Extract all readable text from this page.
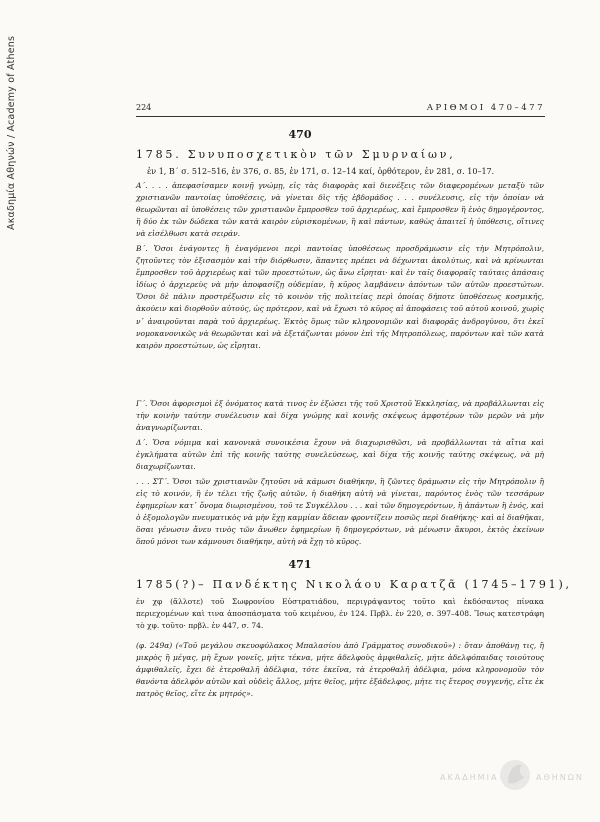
Ακαδημία Αθηνών / Academy of Athens	224	ΑΡΙΘΜΟΙ 470–477
470
1785. Συνυποσχετικὸν τῶν Σμυρναίων,
ἐν 1, Β΄ σ. 512–516, ἐν 376, σ. 85, ἐν 171, σ. 12–14 καί, ὀρθότερον, ἐν 281, σ. 10–17.
Α΄. . . . ἀπεφασίσαμεν κοινῇ γνώμῃ, εἰς τὰς διαφορὰς καὶ διενέξεις τῶν διαφερομένων μεταξὺ τῶν χριστιανῶν παντοίας ὑποθέσεις, νὰ γίνεται δὶς τῆς ἑβδομάδος . . . συνέλευσις, εἰς τὴν ὁποίαν νὰ θεωρῶνται αἱ ὑποθέσεις τῶν χριστιανῶν ἔμπροσθεν τοῦ ἀρχιερέως, καὶ ἔμπροσθεν ἢ ἑνὸς δημογέροντος, ἢ δύο ἐκ τῶν δώδεκα τῶν κατὰ καιρὸν εὑρισκομένων, ἢ καὶ πάντων, καθὼς ἀπαιτεῖ ἡ ὑπόθεσις, οἵτινες νὰ εἰσέλθωσι κατὰ σειράν.
Β΄. Ὅσοι ἐνάγοντες ἢ ἐναγόμενοι περὶ παντοίας ὑποθέσεως προσδράμωσιν εἰς τὴν Μητρόπολιν, ζητοῦντες τὸν ἐξισασμὸν καὶ τὴν διόρθωσιν, ἅπαντες πρέπει νὰ δέχωνται ἀκολύτως, καὶ νὰ κρίνωνται ἔμπροσθεν τοῦ ἀρχιερέως καὶ τῶν προεστώτων, ὡς ἄνω εἴρηται· καὶ ἐν ταῖς διαφοραῖς ταύταις ἁπάσαις ἰδίως ὁ ἀρχιερεὺς νὰ μὴν ἀποφασίζῃ οὐδεμίαν, ἢ κῦρος λαμβάνειν ἀπόντων τῶν αὐτῶν προεστώτων. Ὅσοι δὲ πάλιν προστρέξωσιν εἰς τὸ κοινὸν τῆς πολιτείας περὶ ὁποίας δήποτε ὑποθέσεως κοσμικῆς, ἀκούειν καὶ διορθοῦν αὐτούς, ὡς πρότερον, καὶ νὰ ἔχωσι τὸ κῦρος αἱ ἀποφάσεις τοῦ αὐτοῦ κοινοῦ, χωρὶς ν᾿ ἀναιροῦνται παρὰ τοῦ ἀρχιερέως. Ἐκτὸς ὅμως τῶν κληρονομιῶν καὶ διαφορᾶς ἀνδρογύνου, ὅτι ἐκεῖ νομοκανονικῶς νὰ θεωρῶνται καὶ νὰ ἐξετάζωνται μόνον ἐπὶ τῆς Μητροπόλεως, παρόντων καὶ τῶν κατὰ καιρὸν προεστώτων, ὡς εἴρηται.
Γ΄. Ὅσοι ἀφορισμοὶ ἐξ ὀνόματος κατὰ τινος ἐν ἐξώσει τῆς τοῦ Χριστοῦ Ἐκκλησίας, νὰ προβάλλωνται εἰς τὴν κοινὴν ταύτην συνέλευσιν καὶ δίχα γνώμης καὶ κοινῆς σκέψεως ἀμφοτέρων τῶν μερῶν νὰ μὴν ἀναγνωρίζωνται.
Δ΄. Ὅσα νόμιμα καὶ κανονικὰ συνοικέσια ἔχουν νὰ διαχωρισθῶσι, νὰ προβάλλωνται τὰ αἴτια καὶ ἐγκλήματα αὐτῶν ἐπὶ τῆς κοινῆς ταύτης συνελεύσεως, καὶ δίχα τῆς κοινῆς ταύτης σκέψεως, νὰ μὴ διαχωρίζωνται.
. . . ΣΤ΄. Ὅσοι τῶν χριστιανῶν ζητοῦσι νὰ κάμωσι διαθήκην, ἢ ζῶντες δράμωσιν εἰς τὴν Μητρόπολιν ἢ εἰς τὸ κοινόν, ἢ ἐν τέλει τῆς ζωῆς αὐτῶν, ἡ διαθήκη αὐτὴ νὰ γίνεται, παρόντος ἑνὸς τῶν τεσσάρων ἐφημερίων κατ᾿ ὄνομα διωρισμένου, τοῦ τε Συγκέλλου . . . καὶ τῶν δημογερόντων, ἢ ἁπάντων ἢ ἑνός, καὶ ὁ ἐξομολογῶν πνευματικὸς νὰ μὴν ἔχῃ καμμίαν ἄδειαν φροντίζειν ποσῶς περὶ διαθήκης· καὶ αἱ διαθῆκαι, ὅσαι γένωσιν ἄνευ τινὸς τῶν ἄνωθεν ἐφημερίων ἢ δημογερόντων, νὰ μένωσιν ἄκυροι, ἐκτὸς ἐκείνων ὅποῦ μόνοι των κάμνουσι διαθήκην, αὐτὴ νὰ ἔχῃ τὸ κῦρος.
471
1785(?)– Πανδέκτης Νικολάου Καρατζᾶ (1745–1791),
ἐν χφ (ἄλλοτε) τοῦ Σωφρονίου Εὐστρατιάδου, περιγράψαντος τοῦτο καὶ ἐκδόσαντος πίνακα περιεχομένων καὶ τινα ἀποσπάσματα τοῦ κειμένου, ἐν 124. Πρβλ. ἐν 220, σ. 397–408. Ἴσως κατεστράφη τὸ χφ. τοῦτο· πρβλ. ἐν 447, σ. 74.
(φ. 249α) («Τοῦ μεγάλου σκευοφύλακος Μπαλασίου ἀπὸ Γράμματος συνοδικοῦ») : ὅταν ἀποθάνῃ τις, ἢ μικρὸς ἢ μέγας, μὴ ἔχων γονεῖς, μήτε τέκνα, μήτε ἀδελφοὺς ἀμφιθαλεῖς, μήτε ἀδελφόπαιδας τοιούτους ἀμφιθαλεῖς, ἔχει δὲ ἑτεροθαλῆ ἀδέλφια, τότε ἐκεῖνα, τὰ ἑτεροθαλῆ ἀδέλφια, μόνα κληρονομοῦν τὸν θανόντα ἀδελφὸν αὐτῶν καὶ οὐδεὶς ἄλλος, μήτε θεῖος, μήτε ἐξάδελφος, μήτε τις ἕτερος συγγενής, εἴτε ἐκ πατρὸς θεῖος, εἴτε ἐκ μητρός».
ΑΚΑΔΗΜΙΑ	ΑΘΗΝΩΝ
